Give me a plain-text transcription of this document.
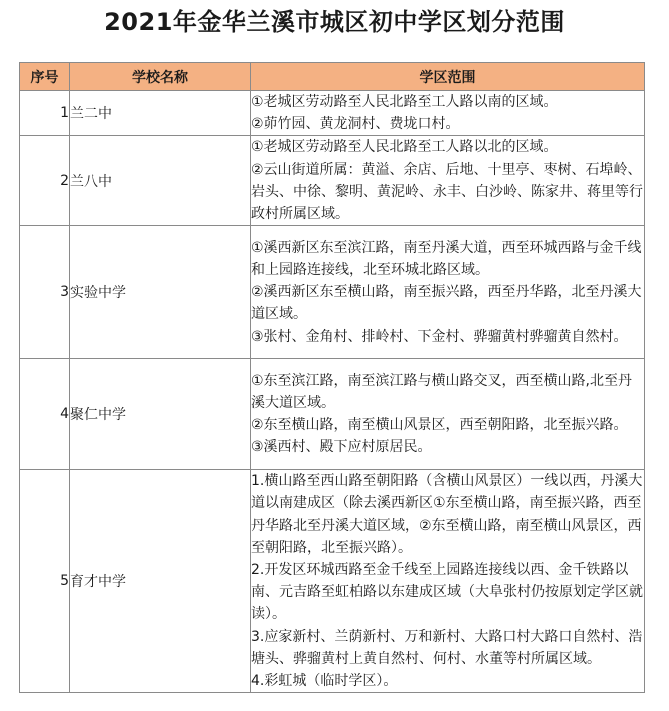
2021年金华兰溪市城区初中学区划分范围
序号	学校名称	学区范围
1	兰二中	①老城区劳动路至人民北路至工人路以南的区域。
②茆竹园、黄龙洞村、费垅口村。

2	兰八中	①老城区劳动路至人民北路至工人路以北的区域。
②云山街道所属：黄溢、余店、后地、十里亭、枣树、石埠岭、岩头、中徐、黎明、黄泥岭、永丰、白沙岭、陈家井、蒋里等行政村所属区域。

3	实验中学	①溪西新区东至滨江路，南至丹溪大道，西至环城西路与金千线和上园路连接线，北至环城北路区域。
②溪西新区东至横山路，南至振兴路，西至丹华路，北至丹溪大道区域。
③张村、金角村、排岭村、下金村、骅骝黄村骅骝黄自然村。

4	聚仁中学	①东至滨江路，南至滨江路与横山路交叉，西至横山路,北至丹溪大道区域。
②东至横山路，南至横山风景区，西至朝阳路，北至振兴路。
③溪西村、殿下应村原居民。

5	育才中学	1.横山路至西山路至朝阳路（含横山风景区）一线以西，丹溪大道以南建成区（除去溪西新区①东至横山路，南至振兴路，西至丹华路北至丹溪大道区域，②东至横山路，南至横山风景区，西至朝阳路，北至振兴路）。
2.开发区环城西路至金千线至上园路连接线以西、金千铁路以南、元吉路至虹柏路以东建成区域（大阜张村仍按原划定学区就读）。
3.应家新村、兰荫新村、万和新村、大路口村大路口自然村、浩塘头、骅骝黄村上黄自然村、何村、水董等村所属区域。
4.彩虹城（临时学区）。
